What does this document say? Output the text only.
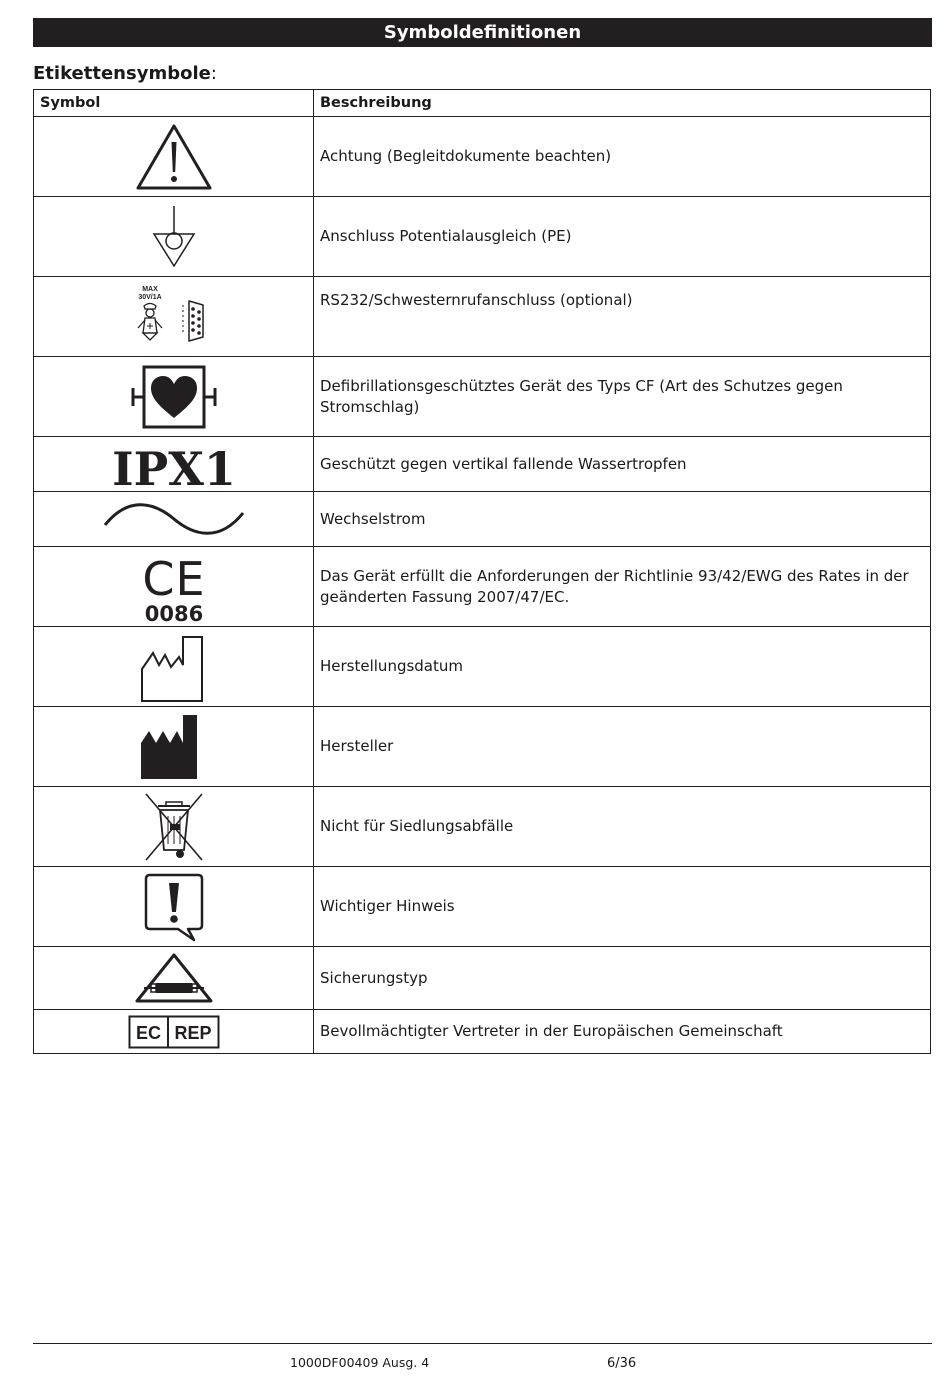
Symboldefinitionen
Etikettensymbole:
Symbol	Beschreibung

	Achtung (Begleitdokumente beachten)

	Anschluss Potentialausgleich (PE)

MAX
30V/1A	RS232/Schwesternrufanschluss (optional)

	Defibrillationsgeschütztes Gerät des Typs CF (Art des Schutzes gegen Stromschlag)

IPX1	Geschützt gegen vertikal fallende Wassertropfen

	Wechselstrom

CE
0086	Das Gerät erfüllt die Anforderungen der Richtlinie 93/42/EWG des Rates in der geänderten Fassung 2007/47/EC.

	Herstellungsdatum

	Hersteller

	Nicht für Siedlungsabfälle

	Wichtiger Hinweis

	Sicherungstyp

EC REP	Bevollmächtigter Vertreter in der Europäischen Gemeinschaft
1000DF00409 Ausg. 4	6/36
